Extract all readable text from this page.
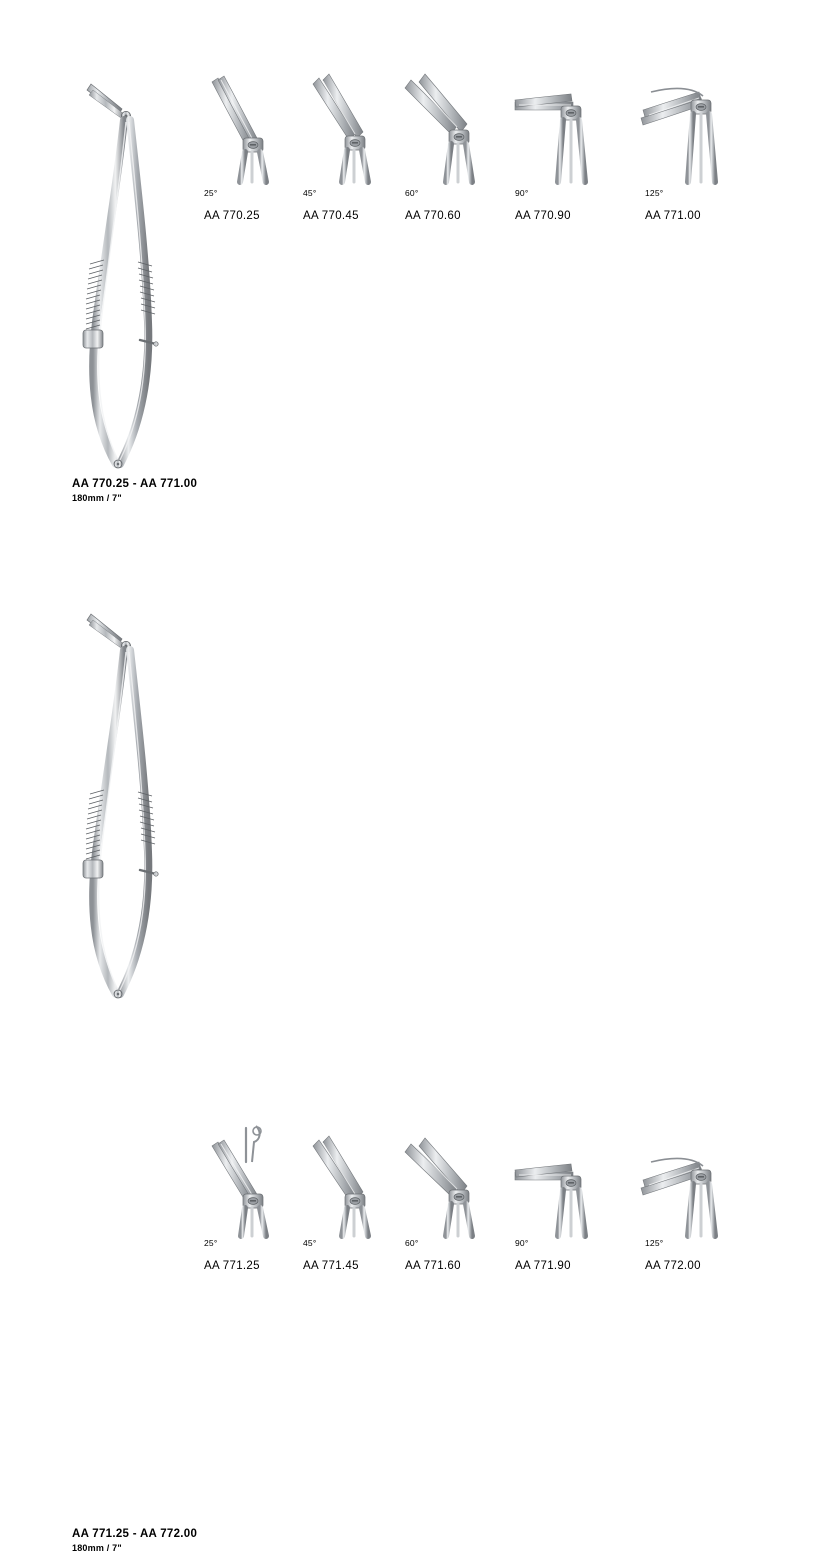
25°
AA 770.25
45°
AA 770.45
60°
AA 770.60
90°
AA 770.90
125°
AA 771.00
AA 770.25 - AA 771.00
180mm / 7"
25°
AA 771.25
45°
AA 771.45
60°
AA 771.60
90°
AA 771.90
125°
AA 772.00
AA 771.25 - AA 772.00
180mm / 7"
